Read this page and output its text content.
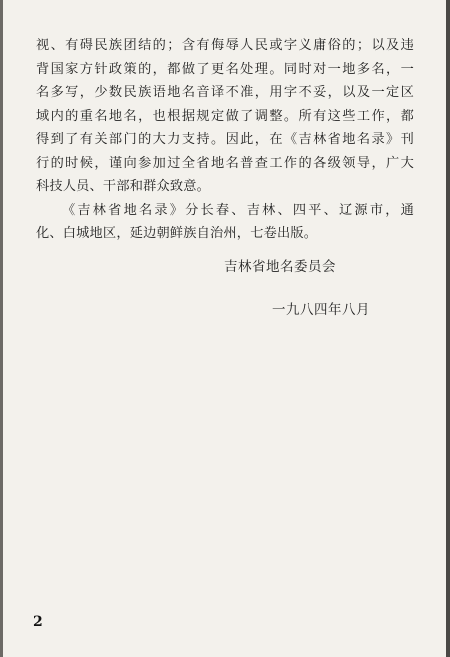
视、有碍民族团结的；含有侮辱人民或字义庸俗的；以及违
背国家方针政策的，都做了更名处理。同时对一地多名，一
名多写，少数民族语地名音译不准，用字不妥，以及一定区
域内的重名地名，也根据规定做了调整。所有这些工作，都
得到了有关部门的大力支持。因此，在《吉林省地名录》刊
行的时候，谨向参加过全省地名普查工作的各级领导，广大
科技人员、干部和群众致意。
《吉林省地名录》分长春、吉林、四平、辽源市，通
化、白城地区，延边朝鲜族自治州，七卷出版。
吉林省地名委员会
一九八四年八月
2
